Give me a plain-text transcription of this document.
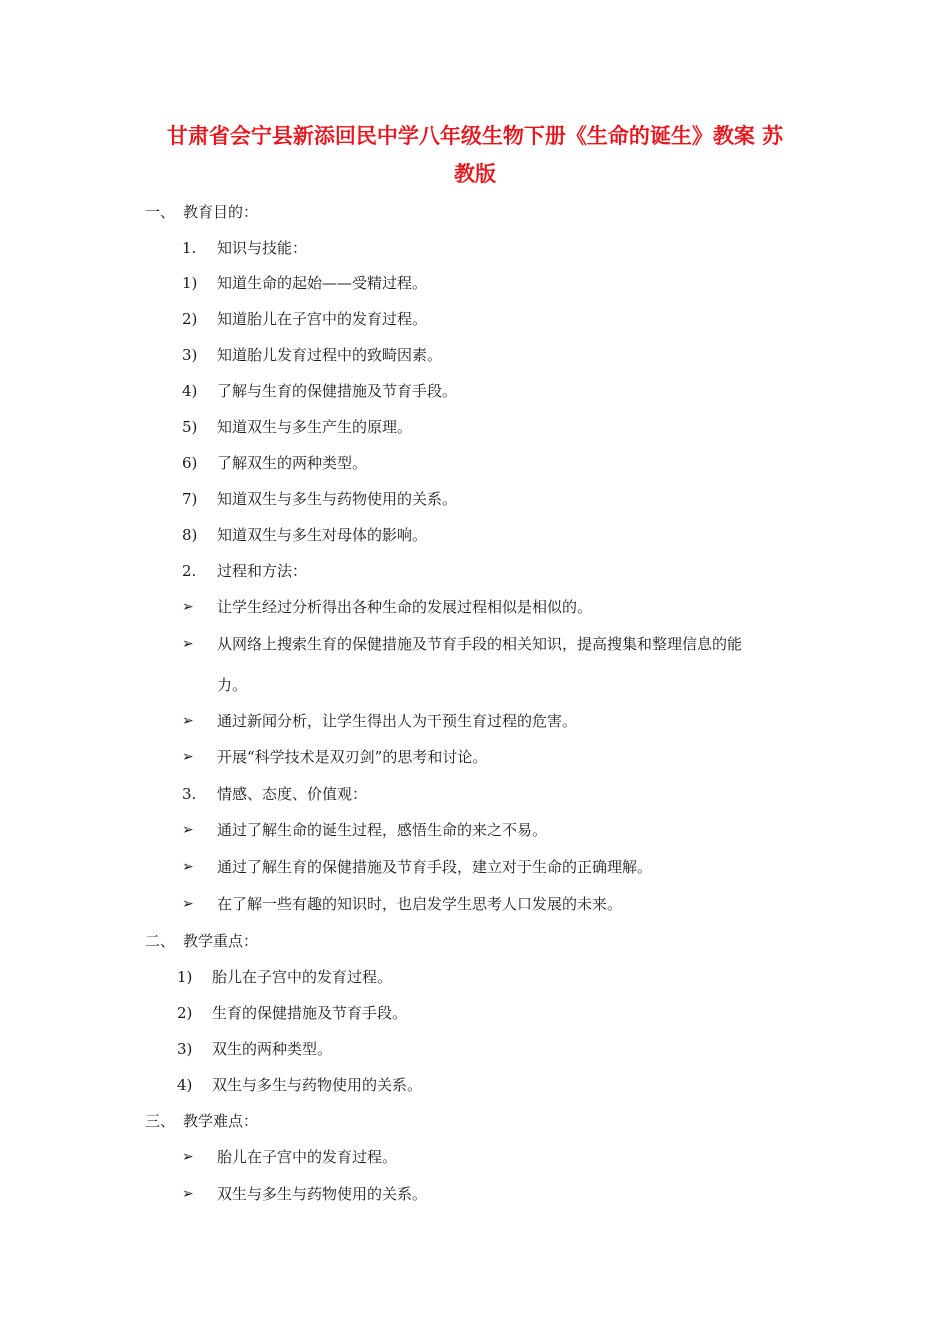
甘肃省会宁县新添回民中学八年级生物下册《生命的诞生》教案 苏
教版
一、 教育目的：
1. 知识与技能：
1) 知道生命的起始——受精过程。
2) 知道胎儿在子宫中的发育过程。
3) 知道胎儿发育过程中的致畸因素。
4) 了解与生育的保健措施及节育手段。
5) 知道双生与多生产生的原理。
6) 了解双生的两种类型。
7) 知道双生与多生与药物使用的关系。
8) 知道双生与多生对母体的影响。
2. 过程和方法：
➢ 让学生经过分析得出各种生命的发展过程相似是相似的。
➢ 从网络上搜索生育的保健措施及节育手段的相关知识，提高搜集和整理信息的能
力。
➢ 通过新闻分析，让学生得出人为干预生育过程的危害。
➢ 开展“科学技术是双刃剑”的思考和讨论。
3. 情感、态度、价值观：
➢ 通过了解生命的诞生过程，感悟生命的来之不易。
➢ 通过了解生育的保健措施及节育手段，建立对于生命的正确理解。
➢ 在了解一些有趣的知识时，也启发学生思考人口发展的未来。
二、 教学重点：
1) 胎儿在子宫中的发育过程。
2) 生育的保健措施及节育手段。
3) 双生的两种类型。
4) 双生与多生与药物使用的关系。
三、 教学难点：
➢ 胎儿在子宫中的发育过程。
➢ 双生与多生与药物使用的关系。
